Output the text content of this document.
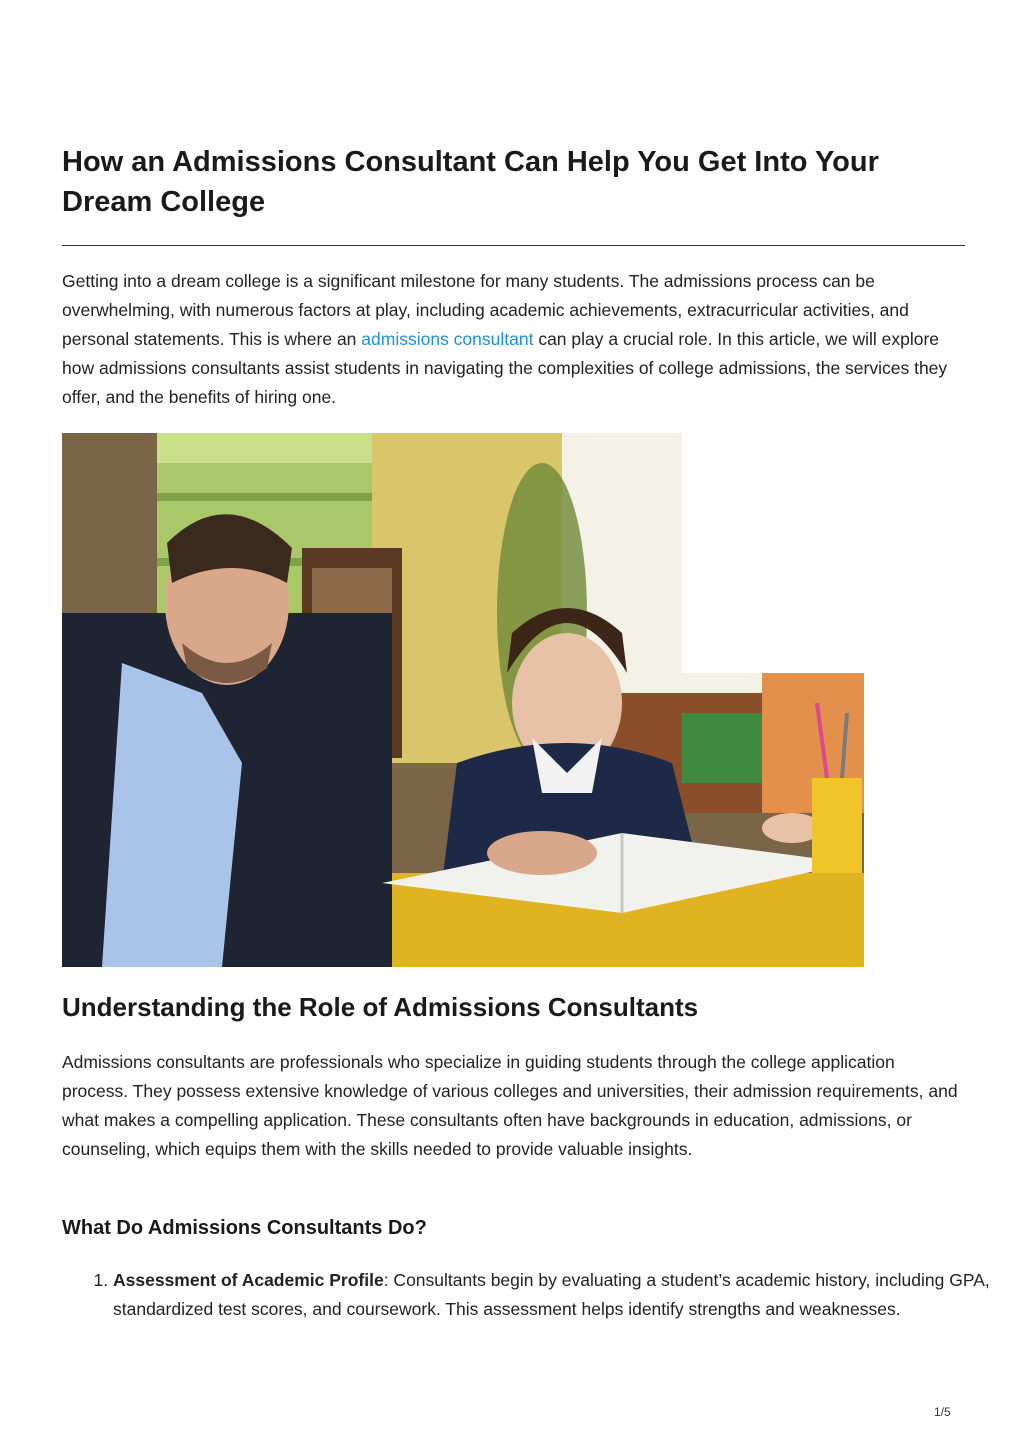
How an Admissions Consultant Can Help You Get Into Your Dream College

Getting into a dream college is a significant milestone for many students. The admissions process can be overwhelming, with numerous factors at play, including academic achievements, extracurricular activities, and personal statements. This is where an admissions consultant can play a crucial role. In this article, we will explore how admissions consultants assist students in navigating the complexities of college admissions, the services they offer, and the benefits of hiring one.

Understanding the Role of Admissions Consultants

Admissions consultants are professionals who specialize in guiding students through the college application process. They possess extensive knowledge of various colleges and universities, their admission requirements, and what makes a compelling application. These consultants often have backgrounds in education, admissions, or counseling, which equips them with the skills needed to provide valuable insights.

What Do Admissions Consultants Do?
1. Assessment of Academic Profile: Consultants begin by evaluating a student’s academic history, including GPA, standardized test scores, and coursework. This assessment helps identify strengths and weaknesses.
1/5
